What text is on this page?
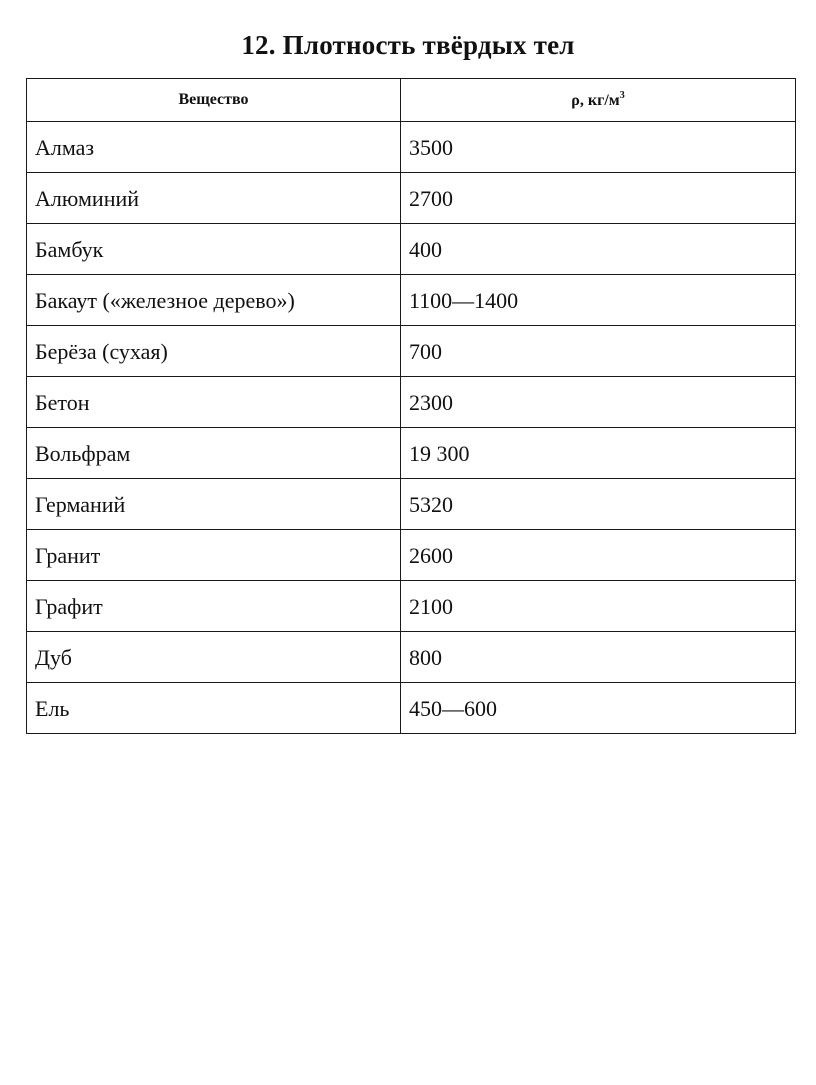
12. Плотность твёрдых тел
Вещество	ρ, $кг/м^3$
Алмаз	3500
Алюминий	2700
Бамбук	400
Бакаут («железное дерево»)	1100—1400
Берёза (сухая)	700
Бетон	2300
Вольфрам	19 300
Германий	5320
Гранит	2600
Графит	2100
Дуб	800
Ель	450—600
